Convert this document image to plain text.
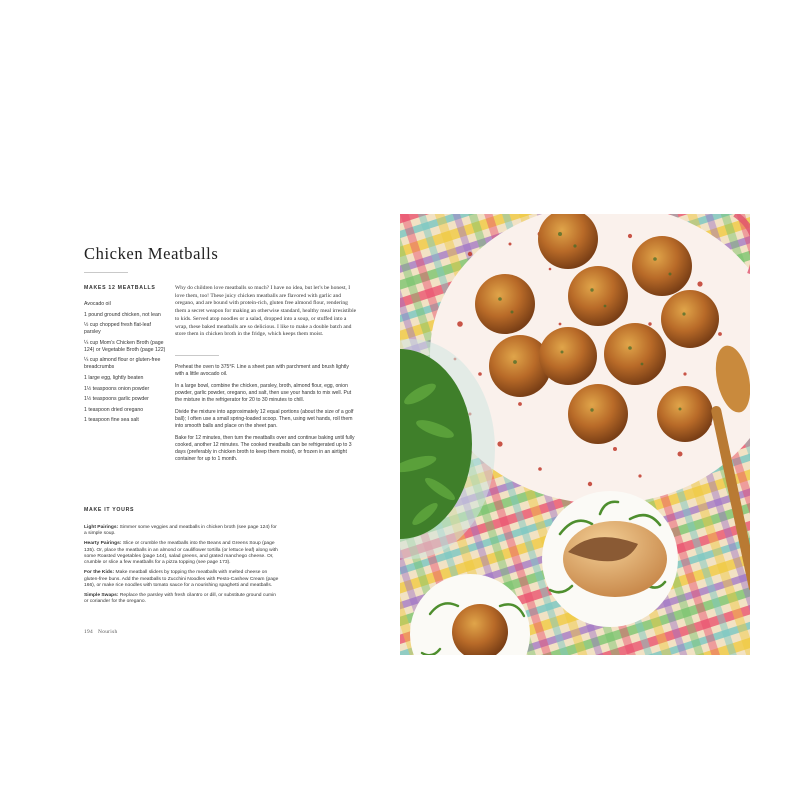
Chicken Meatballs
MAKES 12 MEATBALLS
Avocado oil
1 pound ground chicken, not lean
½ cup chopped fresh flat-leaf parsley
¼ cup Mom’s Chicken Broth (page 124) or Vegetable Broth (page 122)
¼ cup almond flour or gluten-free breadcrumbs
1 large egg, lightly beaten
1½ teaspoons onion powder
1½ teaspoons garlic powder
1 teaspoon dried oregano
1 teaspoon fine sea salt

Why do children love meatballs so much? I have no idea, but let’s be honest, I love them, too! These juicy chicken meatballs are flavored with garlic and oregano, and are bound with protein-rich, gluten free almond flour, rendering them a secret weapon for making an otherwise standard, healthy meal irresistible to kids. Served atop noodles or a salad, dropped into a soup, or stuffed into a wrap, these baked meatballs are so delicious. I like to make a double batch and store them in chicken broth in the fridge, which keeps them moist.

Preheat the oven to 375°F. Line a sheet pan with parchment and brush lightly with a little avocado oil.

In a large bowl, combine the chicken, parsley, broth, almond flour, egg, onion powder, garlic powder, oregano, and salt, then use your hands to mix well. Put the mixture in the refrigerator for 20 to 30 minutes to chill.

Divide the mixture into approximately 12 equal portions (about the size of a golf ball); I often use a small spring-loaded scoop. Then, using wet hands, roll them into smooth balls and place on the sheet pan.

Bake for 12 minutes, then turn the meatballs over and continue baking until fully cooked, another 12 minutes. The cooked meatballs can be refrigerated up to 3 days (preferably in chicken broth to keep them moist), or frozen in an airtight container for up to 1 month.

MAKE IT YOURS

Light Pairings: Simmer some veggies and meatballs in chicken broth (see page 124) for a simple soup.

Hearty Pairings: Slice or crumble the meatballs into the Beans and Greens Soup (page 135). Or, place the meatballs in an almond or cauliflower tortilla (or lettuce leaf) along with some Roasted Vegetables (page 144), salad greens, and grated manchego cheese. Or, crumble or slice a few meatballs for a pizza topping (see page 173).

For the Kids: Make meatball sliders by topping the meatballs with melted cheese on gluten-free buns. Add the meatballs to Zucchini Noodles with Pesto-Cashew Cream (page 166), or make rice noodles with tomato sauce for a nourishing spaghetti and meatballs.

Simple Swaps: Replace the parsley with fresh cilantro or dill, or substitute ground cumin or coriander for the oregano.

194 Nourish
